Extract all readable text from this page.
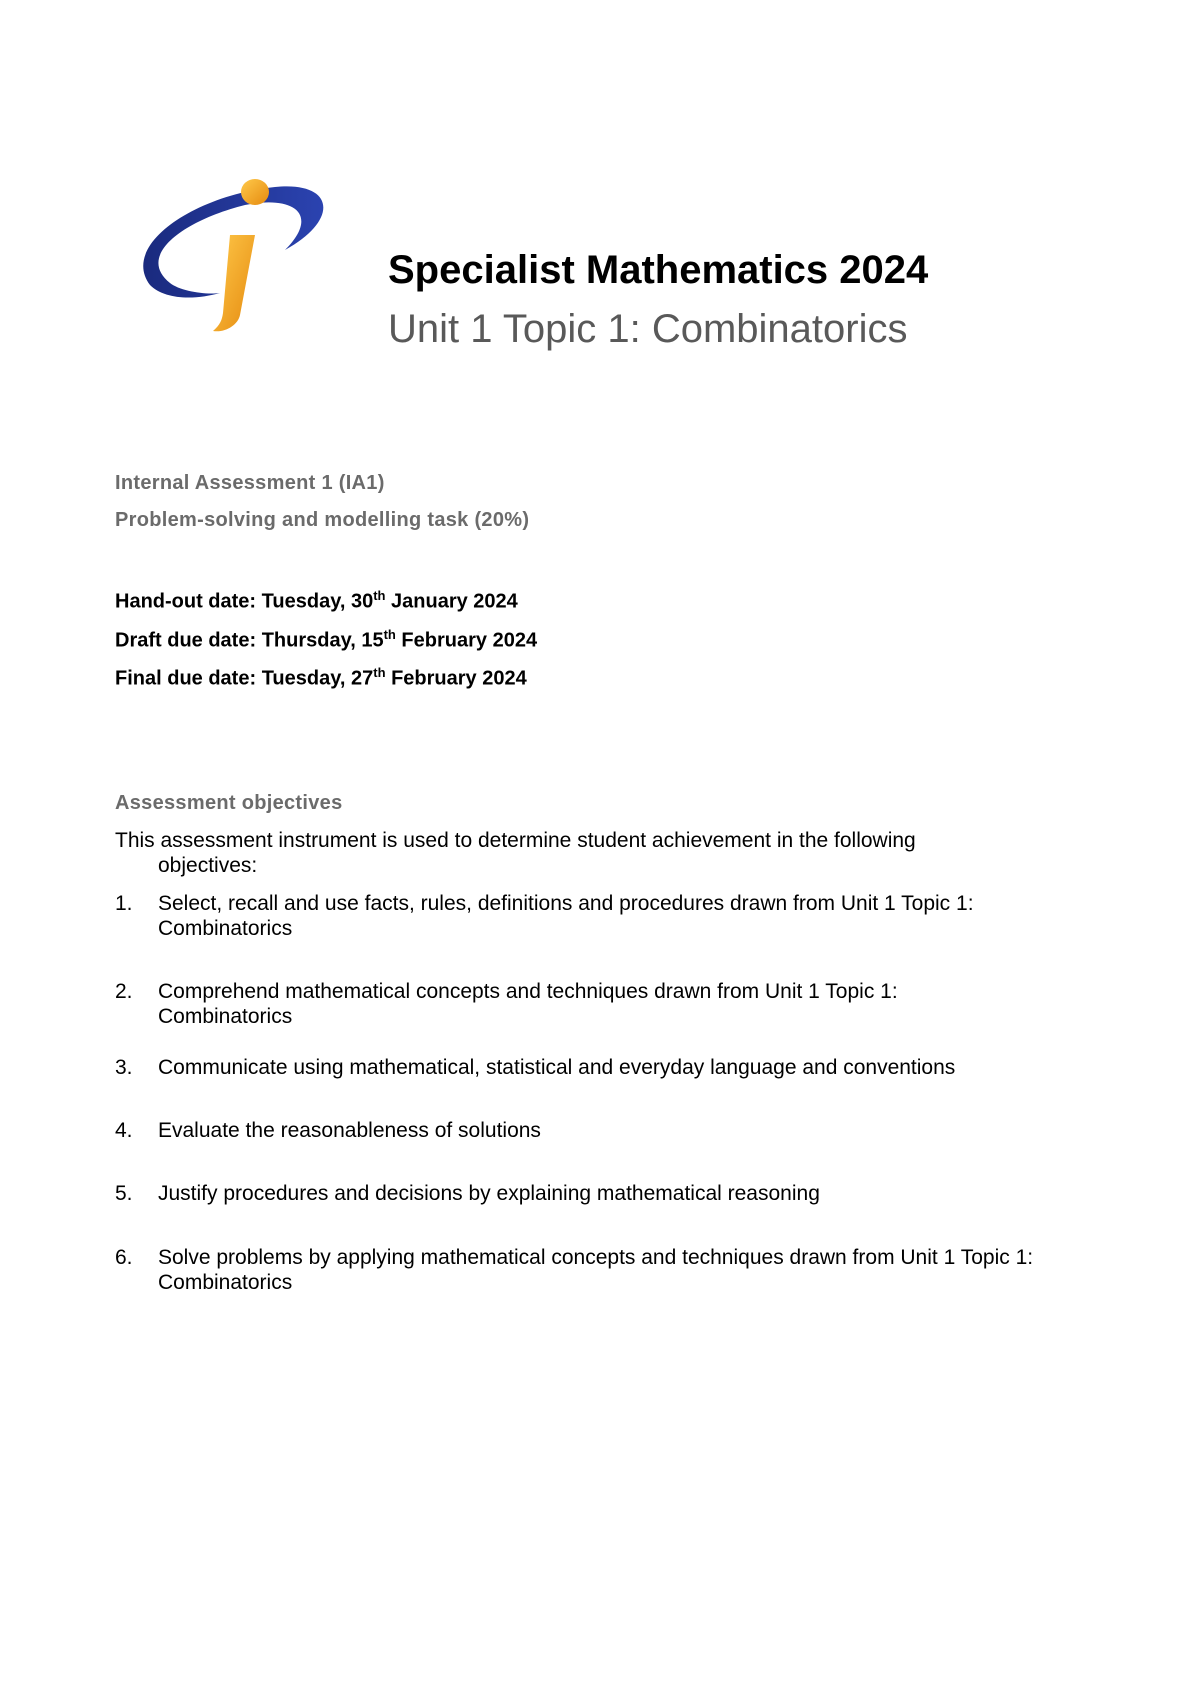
Specialist Mathematics 2024
Unit 1 Topic 1: Combinatorics
Internal Assessment 1 (IA1)
Problem-solving and modelling task (20%)
Hand-out date: Tuesday, 30th January 2024
Draft due date: Thursday, 15th February 2024
Final due date: Tuesday, 27th February 2024
Assessment objectives
This assessment instrument is used to determine student achievement in the following
objectives:
1. Select, recall and use facts, rules, definitions and procedures drawn from Unit 1 Topic 1: Combinatorics
2. Comprehend mathematical concepts and techniques drawn from Unit 1 Topic 1: Combinatorics
3. Communicate using mathematical, statistical and everyday language and conventions
4. Evaluate the reasonableness of solutions
5. Justify procedures and decisions by explaining mathematical reasoning
6. Solve problems by applying mathematical concepts and techniques drawn from Unit 1 Topic 1: Combinatorics
